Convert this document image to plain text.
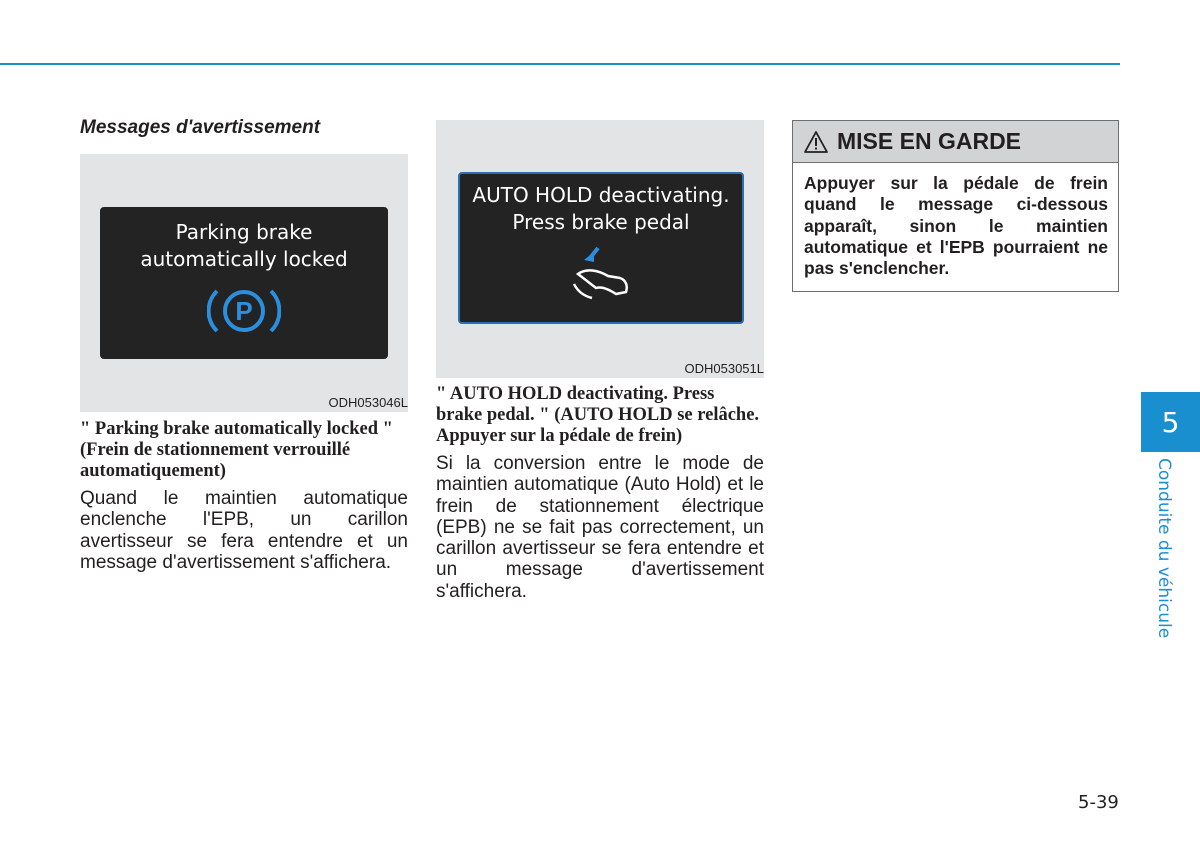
Messages d'avertissement
Parking brake
automatically locked
P
ODH053046L
AUTO HOLD deactivating.
Press brake pedal
ODH053051L

" Parking brake automatically locked " (Frein de stationnement verrouillé automatiquement)

Quand le maintien automatique enclenche l'EPB, un carillon avertisseur se fera entendre et un message d'avertissement s'affichera.

" AUTO HOLD deactivating. Press brake pedal. " (AUTO HOLD se relâche. Appuyer sur la pédale de frein)

Si la conversion entre le mode de maintien automatique (Auto Hold) et le frein de stationnement électrique (EPB) ne se fait pas correctement, un carillon avertisseur se fera entendre et un message d'avertissement s'affichera.

MISE EN GARDE

Appuyer sur la pédale de frein quand le message ci-dessous apparaît, sinon le maintien automatique et l'EPB pourraient ne pas s'enclencher.

5
Conduite du véhicule
5-39
